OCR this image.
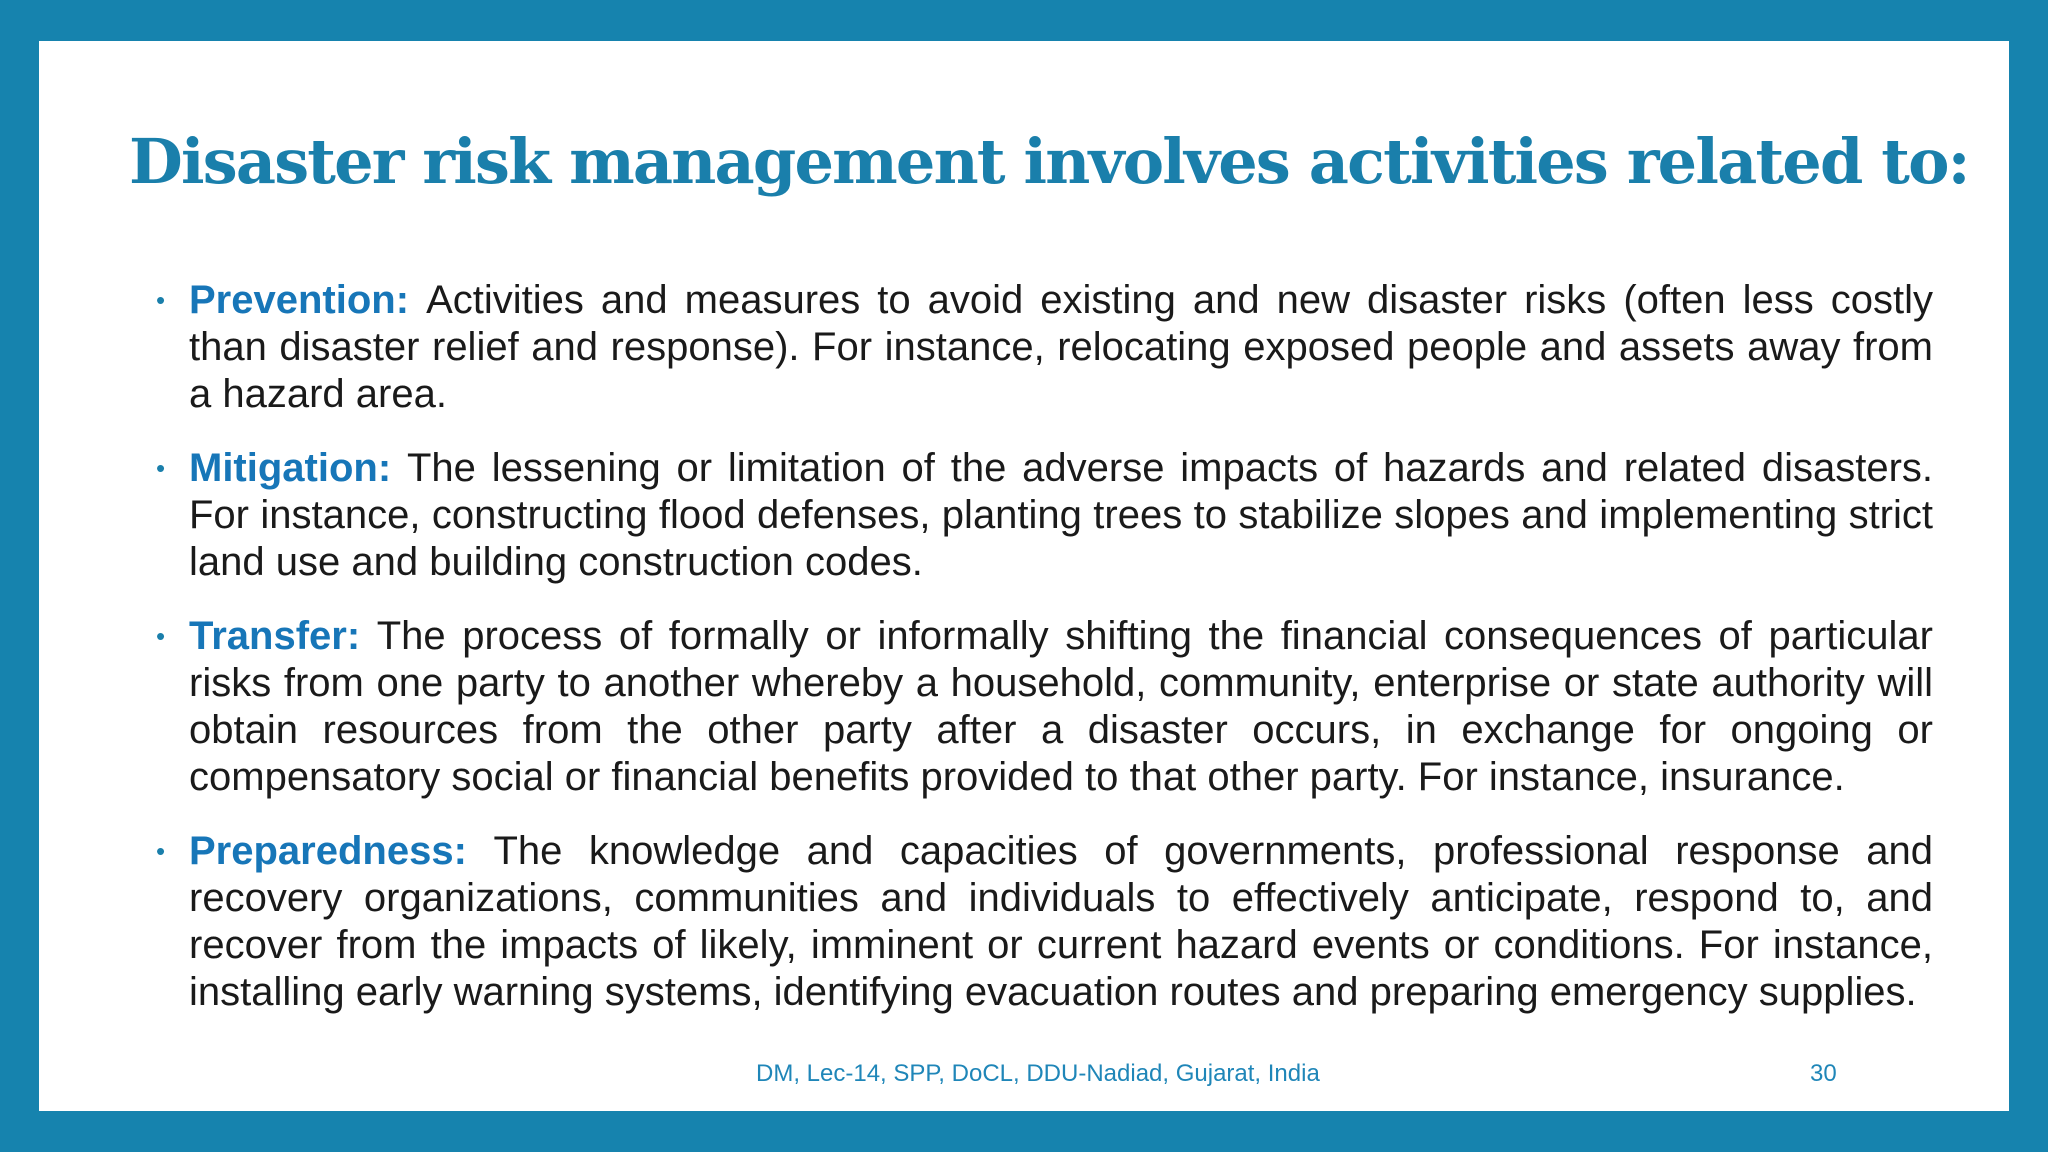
Disaster risk management involves activities related to:
• Prevention: Activities and measures to avoid existing and new disaster risks (often less costly than disaster relief and response). For instance, relocating exposed people and assets away from a hazard area.
• Mitigation: The lessening or limitation of the adverse impacts of hazards and related disasters. For instance, constructing flood defenses, planting trees to stabilize slopes and implementing strict land use and building construction codes.
• Transfer: The process of formally or informally shifting the financial consequences of particular risks from one party to another whereby a household, community, enterprise or state authority will obtain resources from the other party after a disaster occurs, in exchange for ongoing or compensatory social or financial benefits provided to that other party. For instance, insurance.
• Preparedness: The knowledge and capacities of governments, professional response and recovery organizations, communities and individuals to effectively anticipate, respond to, and recover from the impacts of likely, imminent or current hazard events or conditions. For instance, installing early warning systems, identifying evacuation routes and preparing emergency supplies.
DM, Lec-14, SPP, DoCL, DDU-Nadiad, Gujarat, India	30
